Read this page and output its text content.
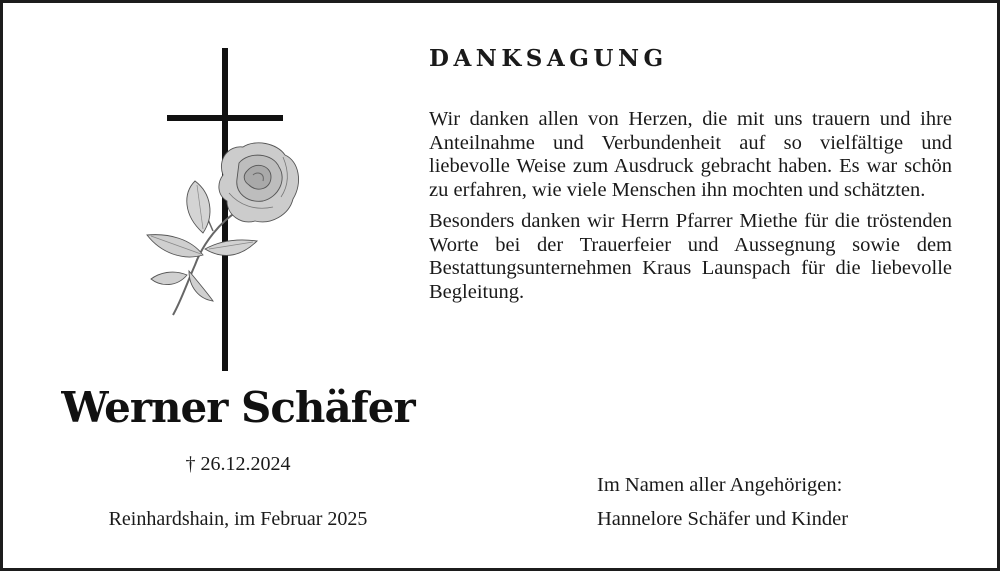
Werner Schäfer
† 26.12.2024
Reinhardshain, im Februar 2025
DANKSAGUNG

Wir danken allen von Herzen, die mit uns trauern und ihre Anteilnahme und Verbundenheit auf so vielfältige und liebevolle Weise zum Ausdruck gebracht haben. Es war schön zu erfahren, wie viele Menschen ihn mochten und schätzten.

Besonders danken wir Herrn Pfarrer Miethe für die tröstenden Worte bei der Trauerfeier und Aussegnung sowie dem Bestattungsunternehmen Kraus Launspach für die liebevolle Begleitung.

Im Namen aller Angehörigen:
Hannelore Schäfer und Kinder
